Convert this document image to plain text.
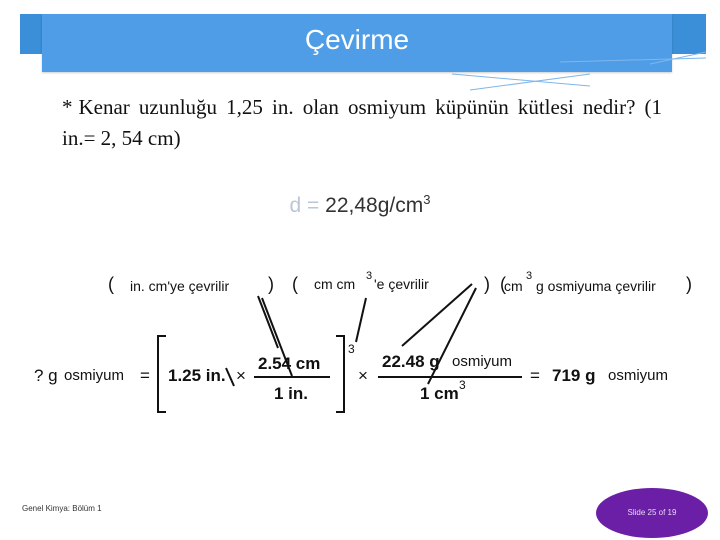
Çevirme
* Kenar uzunluğu 1,25 in. olan osmiyum küpünün kütlesi nedir? (1 in.= 2, 54 cm)
$d = 22,48g/cm^3$
(	) (	) (	)
in. cm'ye çevrilir	cm cm 3 'e çevrilir	cm
3
g osmiyuma çevrilir
? g osmiyum = 1.25 in. ×
2.54 cm
1 in.
3
×
22.48 g osmiyum
1 cm 3	= 719 g osmiyum
Genel Kimya: Bölüm 1	Slide 25 of 19
